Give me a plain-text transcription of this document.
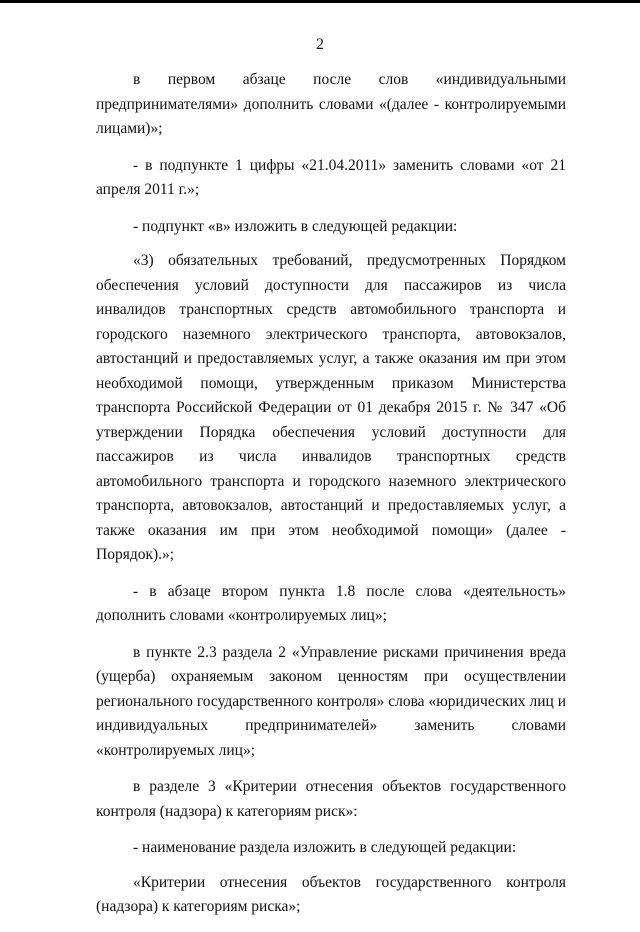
2

в первом абзаце после слов «индивидуальными предпринимателями» дополнить словами «(далее - контролируемыми лицами)»;

- в подпункте 1 цифры «21.04.2011» заменить словами «от 21 апреля 2011 г.»;

- подпункт «в» изложить в следующей редакции:

«3) обязательных требований, предусмотренных Порядком обеспечения условий доступности для пассажиров из числа инвалидов транспортных средств автомобильного транспорта и городского наземного электрического транспорта, автовокзалов, автостанций и предоставляемых услуг, а также оказания им при этом необходимой помощи, утвержденным приказом Министерства транспорта Российской Федерации от 01 декабря 2015 г. № 347 «Об утверждении Порядка обеспечения условий доступности для пассажиров из числа инвалидов транспортных средств автомобильного транспорта и городского наземного электрического транспорта, автовокзалов, автостанций и предоставляемых услуг, а также оказания им при этом необходимой помощи» (далее - Порядок).»;

- в абзаце втором пункта 1.8 после слова «деятельность» дополнить словами «контролируемых лиц»;

в пункте 2.3 раздела 2 «Управление рисками причинения вреда (ущерба) охраняемым законом ценностям при осуществлении регионального государственного контроля» слова «юридических лиц и индивидуальных предпринимателей» заменить словами «контролируемых лиц»;

в разделе 3 «Критерии отнесения объектов государственного контроля (надзора) к категориям риск»:

- наименование раздела изложить в следующей редакции:

«Критерии отнесения объектов государственного контроля (надзора) к категориям риска»;
